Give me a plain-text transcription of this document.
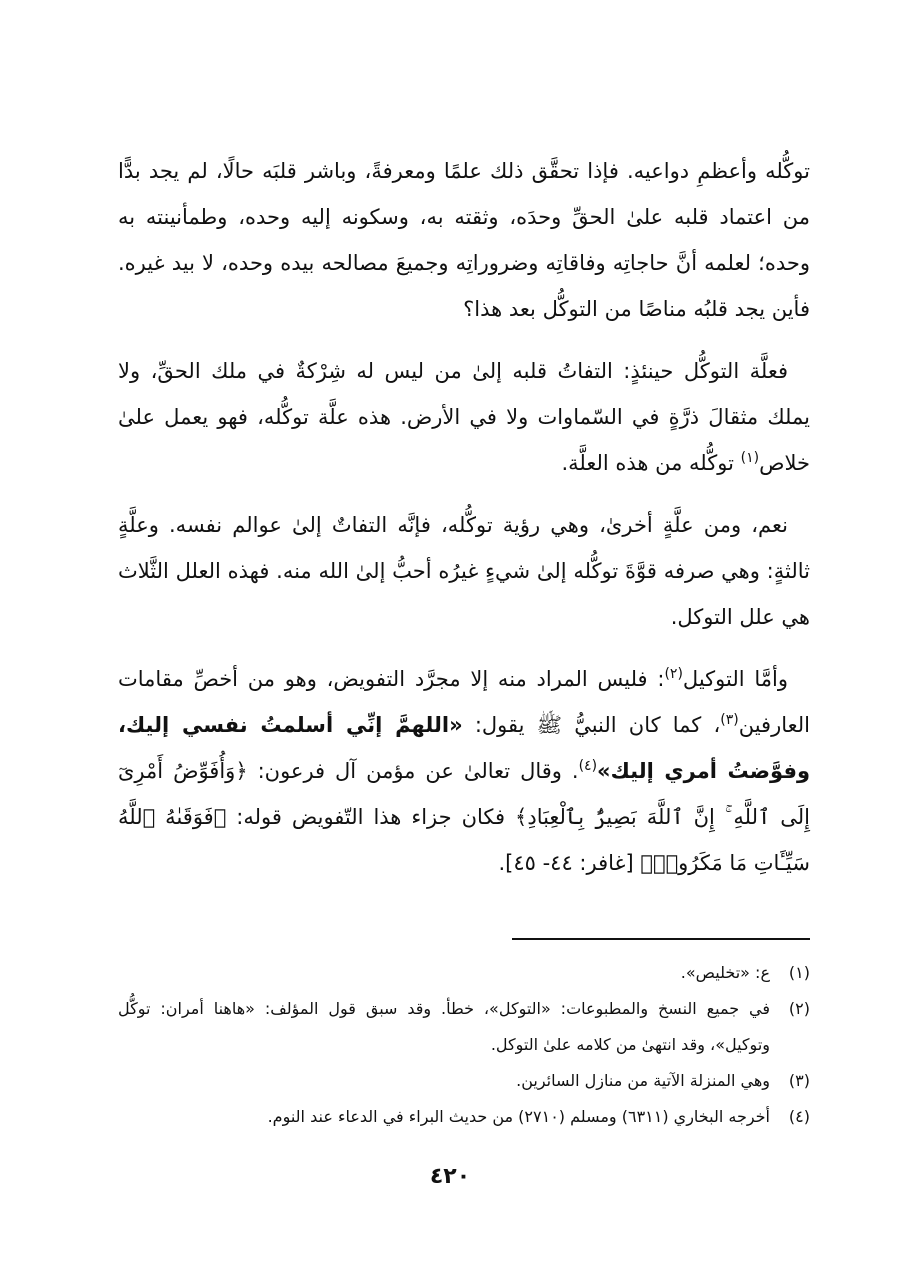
توكُّله وأعظمِ دواعيه. فإذا تحقَّق ذلك علمًا ومعرفةً، وباشر قلبَه حالًا، لم يجد بدًّا من اعتماد قلبه علىٰ الحقِّ وحدَه، وثقته به، وسكونه إليه وحده، وطمأنينته به وحده؛ لعلمه أنَّ حاجاتِه وفاقاتِه وضروراتِه وجميعَ مصالحه بيده وحده، لا بيد غيره. فأين يجد قلبُه مناصًا من التوكُّل بعد هذا؟

فعلَّة التوكُّل حينئذٍ: التفاتُ قلبه إلىٰ من ليس له شِرْكةٌ في ملك الحقِّ، ولا يملك مثقالَ ذرَّةٍ في السّماوات ولا في الأرض. هذه علَّة توكُّله، فهو يعمل علىٰ خلاص$^{(١)}$ توكُّله من هذه العلَّة.

نعم، ومن علَّةٍ أخرىٰ، وهي رؤية توكُّله، فإنَّه التفاتٌ إلىٰ عوالم نفسه. وعلَّةٍ ثالثةٍ: وهي صرفه قوَّةَ توكُّله إلىٰ شيءٍ غيرُه أحبُّ إلىٰ الله منه. فهذه العلل الثَّلاث هي علل التوكل.

وأمَّا التوكيل$^{(٢)}$: فليس المراد منه إلا مجرَّد التفويض، وهو من أخصِّ مقامات العارفين$^{(٣)}$، كما كان النبيُّ ﷺ يقول: «اللهمَّ إنِّي أسلمتُ نفسي إليك، وفوَّضتُ أمري إليك»$^{(٤)}$. وقال تعالىٰ عن مؤمن آل فرعون: ﴿وَأُفَوِّضُ أَمْرِىٓ إِلَى ٱللَّهِ ۚ إِنَّ ٱللَّهَ بَصِيرٌۢ بِٱلْعِبَادِ﴾ فكان جزاء هذا التّفويض قوله: ﴿فَوَقَىٰهُ ٱللَّهُ سَيِّـَٔاتِ مَا مَكَرُوا۟﴾ [غافر: ٤٤- ٤٥].

(١)
ع: «تخليص».
(٢)
في جميع النسخ والمطبوعات: «التوكل»، خطأ. وقد سبق قول المؤلف: «هاهنا أمران: توكُّل وتوكيل»، وقد انتهىٰ من كلامه علىٰ التوكل.
(٣)
وهي المنزلة الآتية من منازل السائرين.
(٤)
أخرجه البخاري (٦٣١١) ومسلم (٢٧١٠) من حديث البراء في الدعاء عند النوم.
٤٢٠
